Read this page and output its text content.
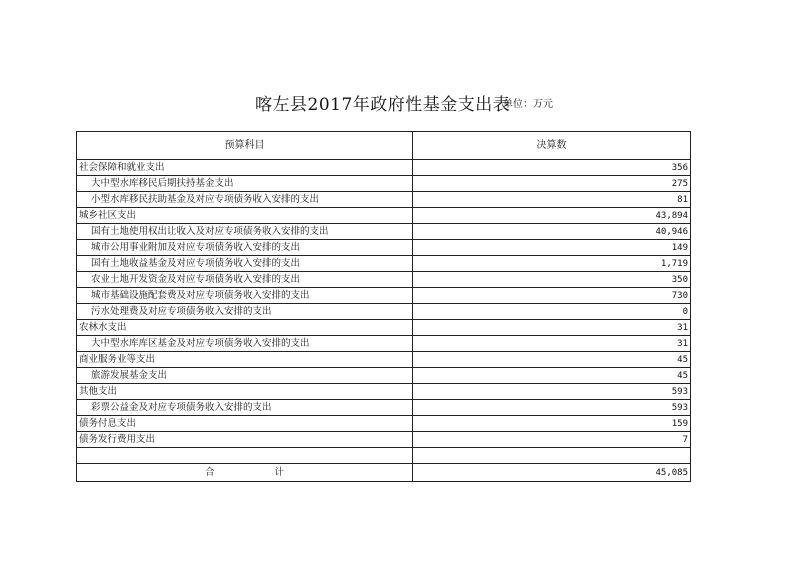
喀左县2017年政府性基金支出表
单位：万元
预算科目	决算数
社会保障和就业支出	356
大中型水库移民后期扶持基金支出	275
小型水库移民扶助基金及对应专项债务收入安排的支出	81
城乡社区支出	43,894
国有土地使用权出让收入及对应专项债务收入安排的支出	40,946
城市公用事业附加及对应专项债务收入安排的支出	149
国有土地收益基金及对应专项债务收入安排的支出	1,719
农业土地开发资金及对应专项债务收入安排的支出	350
城市基础设施配套费及对应专项债务收入安排的支出	730
污水处理费及对应专项债务收入安排的支出	0
农林水支出	31
大中型水库库区基金及对应专项债务收入安排的支出	31
商业服务业等支出	45
旅游发展基金支出	45
其他支出	593
彩票公益金及对应专项债务收入安排的支出	593
债务付息支出	159
债务发行费用支出	7

合 计	45,085
